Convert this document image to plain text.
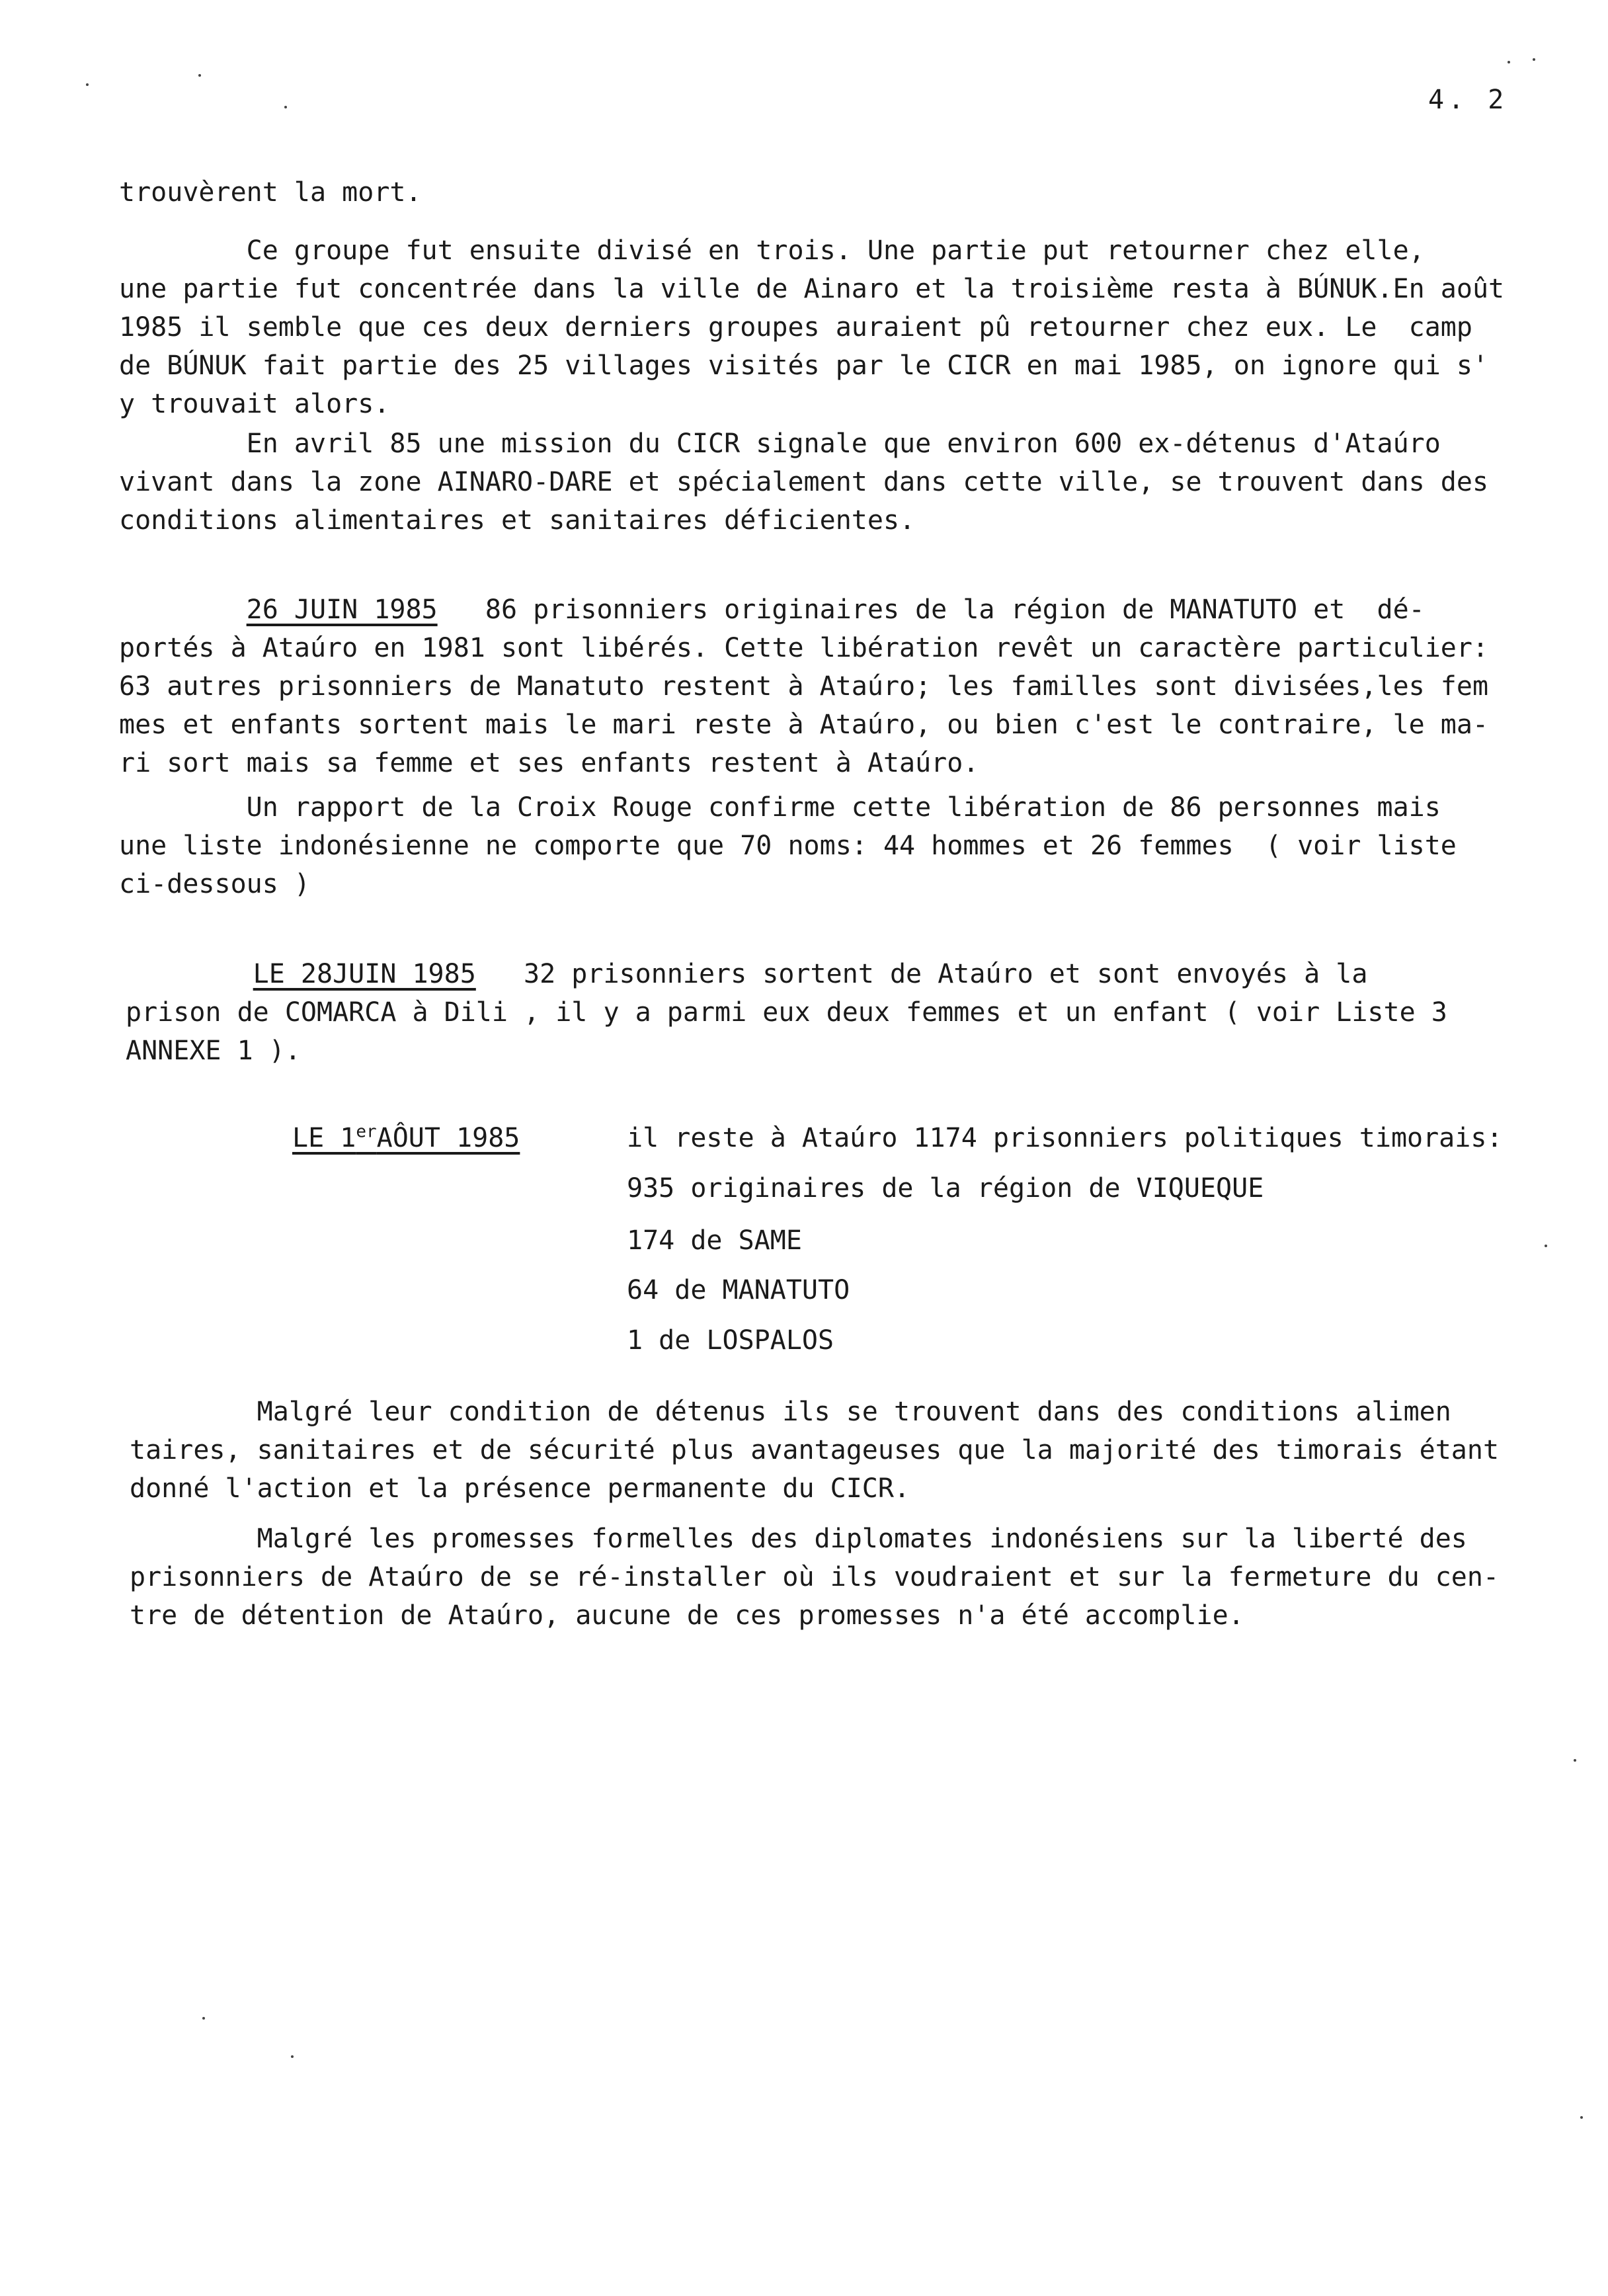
4. 2
trouvèrent la mort.
Ce groupe fut ensuite divisé en trois. Une partie put retourner chez elle,
une partie fut concentrée dans la ville de Ainaro et la troisième resta à BÚNUK.En août
1985 il semble que ces deux derniers groupes auraient pû retourner chez eux. Le  camp
de BÚNUK fait partie des 25 villages visités par le CICR en mai 1985, on ignore qui s'
y trouvait alors.
En avril 85 une mission du CICR signale que environ 600 ex-détenus d'Ataúro
vivant dans la zone AINARO-DARE et spécialement dans cette ville, se trouvent dans des
conditions alimentaires et sanitaires déficientes.
26 JUIN 1985   86 prisonniers originaires de la région de MANATUTO et  dé-
portés à Ataúro en 1981 sont libérés. Cette libération revêt un caractère particulier:
63 autres prisonniers de Manatuto restent à Ataúro; les familles sont divisées,les fem
mes et enfants sortent mais le mari reste à Ataúro, ou bien c'est le contraire, le ma-
ri sort mais sa femme et ses enfants restent à Ataúro.
Un rapport de la Croix Rouge confirme cette libération de 86 personnes mais
une liste indonésienne ne comporte que 70 noms: 44 hommes et 26 femmes  ( voir liste
ci-dessous )
LE 28JUIN 1985   32 prisonniers sortent de Ataúro et sont envoyés à la
prison de COMARCA à Dili , il y a parmi eux deux femmes et un enfant ( voir Liste 3
ANNEXE 1 ).
LE 1erAÔUT 1985	il reste à Ataúro 1174 prisonniers politiques timorais:
935 originaires de la région de VIQUEQUE
174 de SAME
64 de MANATUTO
1 de LOSPALOS
Malgré leur condition de détenus ils se trouvent dans des conditions alimen
taires, sanitaires et de sécurité plus avantageuses que la majorité des timorais étant
donné l'action et la présence permanente du CICR.
Malgré les promesses formelles des diplomates indonésiens sur la liberté des
prisonniers de Ataúro de se ré-installer où ils voudraient et sur la fermeture du cen-
tre de détention de Ataúro, aucune de ces promesses n'a été accomplie.
